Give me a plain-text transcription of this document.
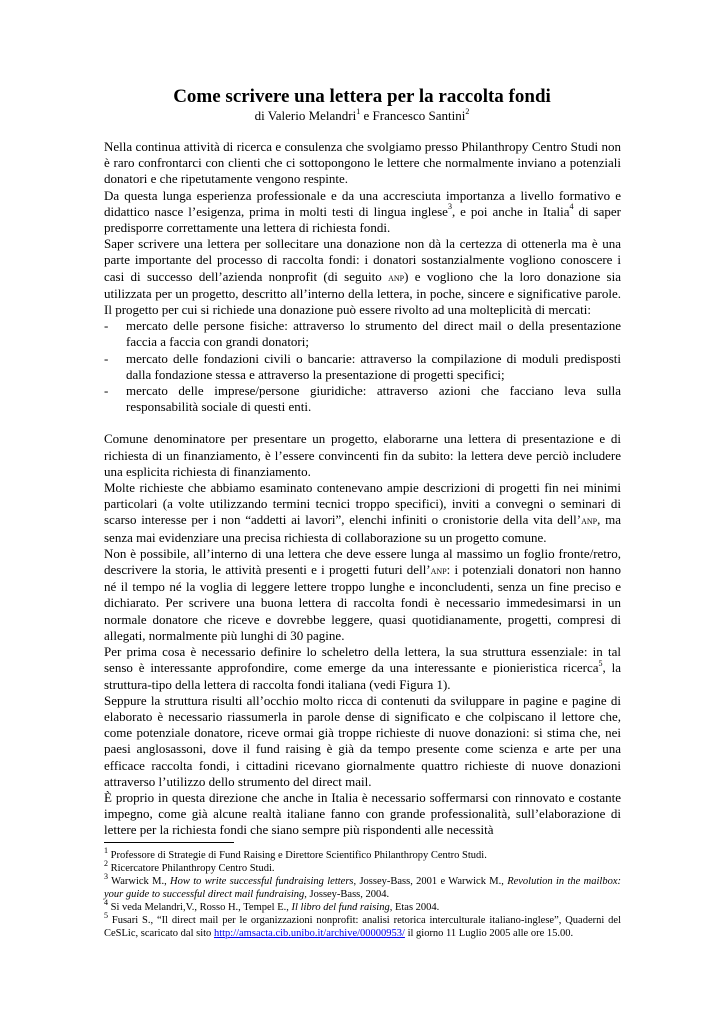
Come scrivere una lettera per la raccolta fondi
di Valerio Melandri$^1$ e Francesco Santini$^2$

Nella continua attività di ricerca e consulenza che svolgiamo presso Philanthropy Centro Studi non è raro confrontarci con clienti che ci sottopongono le lettere che normalmente inviano a potenziali donatori e che ripetutamente vengono respinte.

Da questa lunga esperienza professionale e da una accresciuta importanza a livello formativo e didattico nasce l’esigenza, prima in molti testi di lingua inglese$^3$, e poi anche in Italia$^4$ di saper predisporre correttamente una lettera di richiesta fondi.

Saper scrivere una lettera per sollecitare una donazione non dà la certezza di ottenerla ma è una parte importante del processo di raccolta fondi: i donatori sostanzialmente vogliono conoscere i casi di successo dell’azienda nonprofit (di seguito anp) e vogliono che la loro donazione sia utilizzata per un progetto, descritto all’interno della lettera, in poche, sincere e significative parole. Il progetto per cui si richiede una donazione può essere rivolto ad una molteplicità di mercati:

- mercato delle persone fisiche: attraverso lo strumento del direct mail o della presentazione faccia a faccia con grandi donatori;
- mercato delle fondazioni civili o bancarie: attraverso la compilazione di moduli predisposti dalla fondazione stessa e attraverso la presentazione di progetti specifici;
- mercato delle imprese/persone giuridiche: attraverso azioni che facciano leva sulla responsabilità sociale di questi enti.

Comune denominatore per presentare un progetto, elaborarne una lettera di presentazione e di richiesta di un finanziamento, è l’essere convincenti fin da subito: la lettera deve perciò includere una esplicita richiesta di finanziamento.

Molte richieste che abbiamo esaminato contenevano ampie descrizioni di progetti fin nei minimi particolari (a volte utilizzando termini tecnici troppo specifici), inviti a convegni o seminari di scarso interesse per i non “addetti ai lavori”, elenchi infiniti o cronistorie della vita dell’anp, ma senza mai evidenziare una precisa richiesta di collaborazione su un progetto comune.

Non è possibile, all’interno di una lettera che deve essere lunga al massimo un foglio fronte/retro, descrivere la storia, le attività presenti e i progetti futuri dell’anp: i potenziali donatori non hanno né il tempo né la voglia di leggere lettere troppo lunghe e inconcludenti, senza un fine preciso e dichiarato. Per scrivere una buona lettera di raccolta fondi è necessario immedesimarsi in un normale donatore che riceve e dovrebbe leggere, quasi quotidianamente, progetti, compresi di allegati, normalmente più lunghi di 30 pagine.

Per prima cosa è necessario definire lo scheletro della lettera, la sua struttura essenziale: in tal senso è interessante approfondire, come emerge da una interessante e pionieristica ricerca$^5$, la struttura-tipo della lettera di raccolta fondi italiana (vedi Figura 1).

Seppure la struttura risulti all’occhio molto ricca di contenuti da sviluppare in pagine e pagine di elaborato è necessario riassumerla in parole dense di significato e che colpiscano il lettore che, come potenziale donatore, riceve ormai già troppe richieste di nuove donazioni: si stima che, nei paesi anglosassoni, dove il fund raising è già da tempo presente come scienza e arte per una efficace raccolta fondi, i cittadini ricevano giornalmente quattro richieste di nuove donazioni attraverso l’utilizzo dello strumento del direct mail.

È proprio in questa direzione che anche in Italia è necessario soffermarsi con rinnovato e costante impegno, come già alcune realtà italiane fanno con grande professionalità, sull’elaborazione di lettere per la richiesta fondi che siano sempre più rispondenti alle necessità

$^1$ Professore di Strategie di Fund Raising e Direttore Scientifico Philanthropy Centro Studi.

$^2$ Ricercatore Philanthropy Centro Studi.

$^3$ Warwick M., How to write successful fundraising letters, Jossey-Bass, 2001 e Warwick M., Revolution in the mailbox: your guide to successful direct mail fundraising, Jossey-Bass, 2004.

$^4$ Si veda Melandri,V., Rosso H., Tempel E., Il libro del fund raising, Etas 2004.

$^5$ Fusari S., “Il direct mail per le organizzazioni nonprofit: analisi retorica interculturale italiano-inglese”, Quaderni del CeSLic, scaricato dal sito http://amsacta.cib.unibo.it/archive/00000953/ il giorno 11 Luglio 2005 alle ore 15.00.
